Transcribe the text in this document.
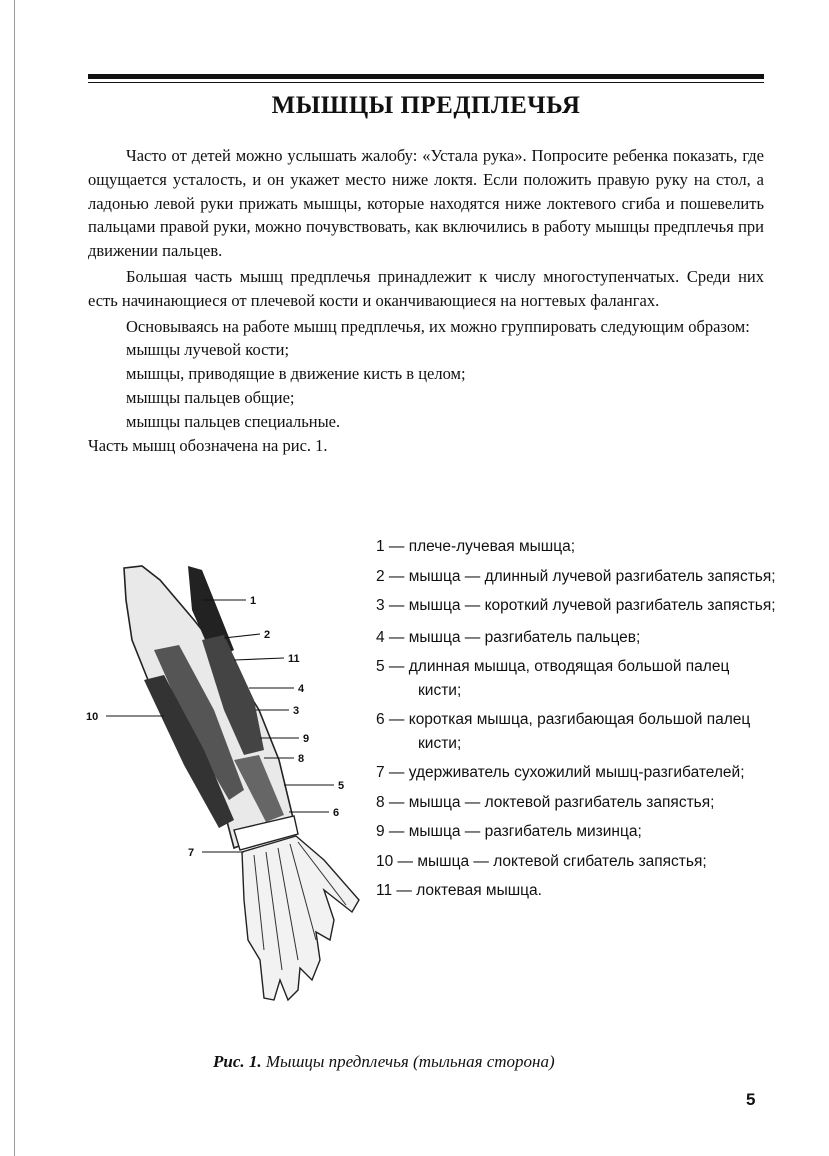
МЫШЦЫ ПРЕДПЛЕЧЬЯ

Часто от детей можно услышать жалобу: «Устала рука». Попросите ребенка показать, где ощущается усталость, и он укажет место ниже локтя. Если положить правую руку на стол, а ладонью левой руки прижать мышцы, которые находятся ниже локтевого сгиба и пошевелить пальцами правой руки, можно почувствовать, как включились в работу мышцы предплечья при движении пальцев.

Большая часть мышц предплечья принадлежит к числу многоступенчатых. Среди них есть начинающиеся от плечевой кости и оканчивающиеся на ногтевых фалангах.

Основываясь на работе мышц предплечья, их можно группировать следующим образом:

мышцы лучевой кости;
мышцы, приводящие в движение кисть в целом;
мышцы пальцев общие;
мышцы пальцев специальные.

Часть мышц обозначена на рис. 1.

1
2
11
4
3
10
9
8
5
6
7
1 — плече-лучевая мышца;
2 — мышца — длинный лучевой разгибатель запястья;
3 — мышца — короткий лучевой разгибатель запястья;
4 — мышца — разгибатель пальцев;
5 — длинная мышца, отводящая большой палец кисти;
6 — короткая мышца, разгибающая большой палец кисти;
7 — удерживатель сухожилий мышц-разгибателей;
8 — мышца — локтевой разгибатель запястья;
9 — мышца — разгибатель мизинца;
10 — мышца — локтевой сгибатель запястья;
11 — локтевая мышца.
Рис. 1. Мышцы предплечья (тыльная сторона)
5
